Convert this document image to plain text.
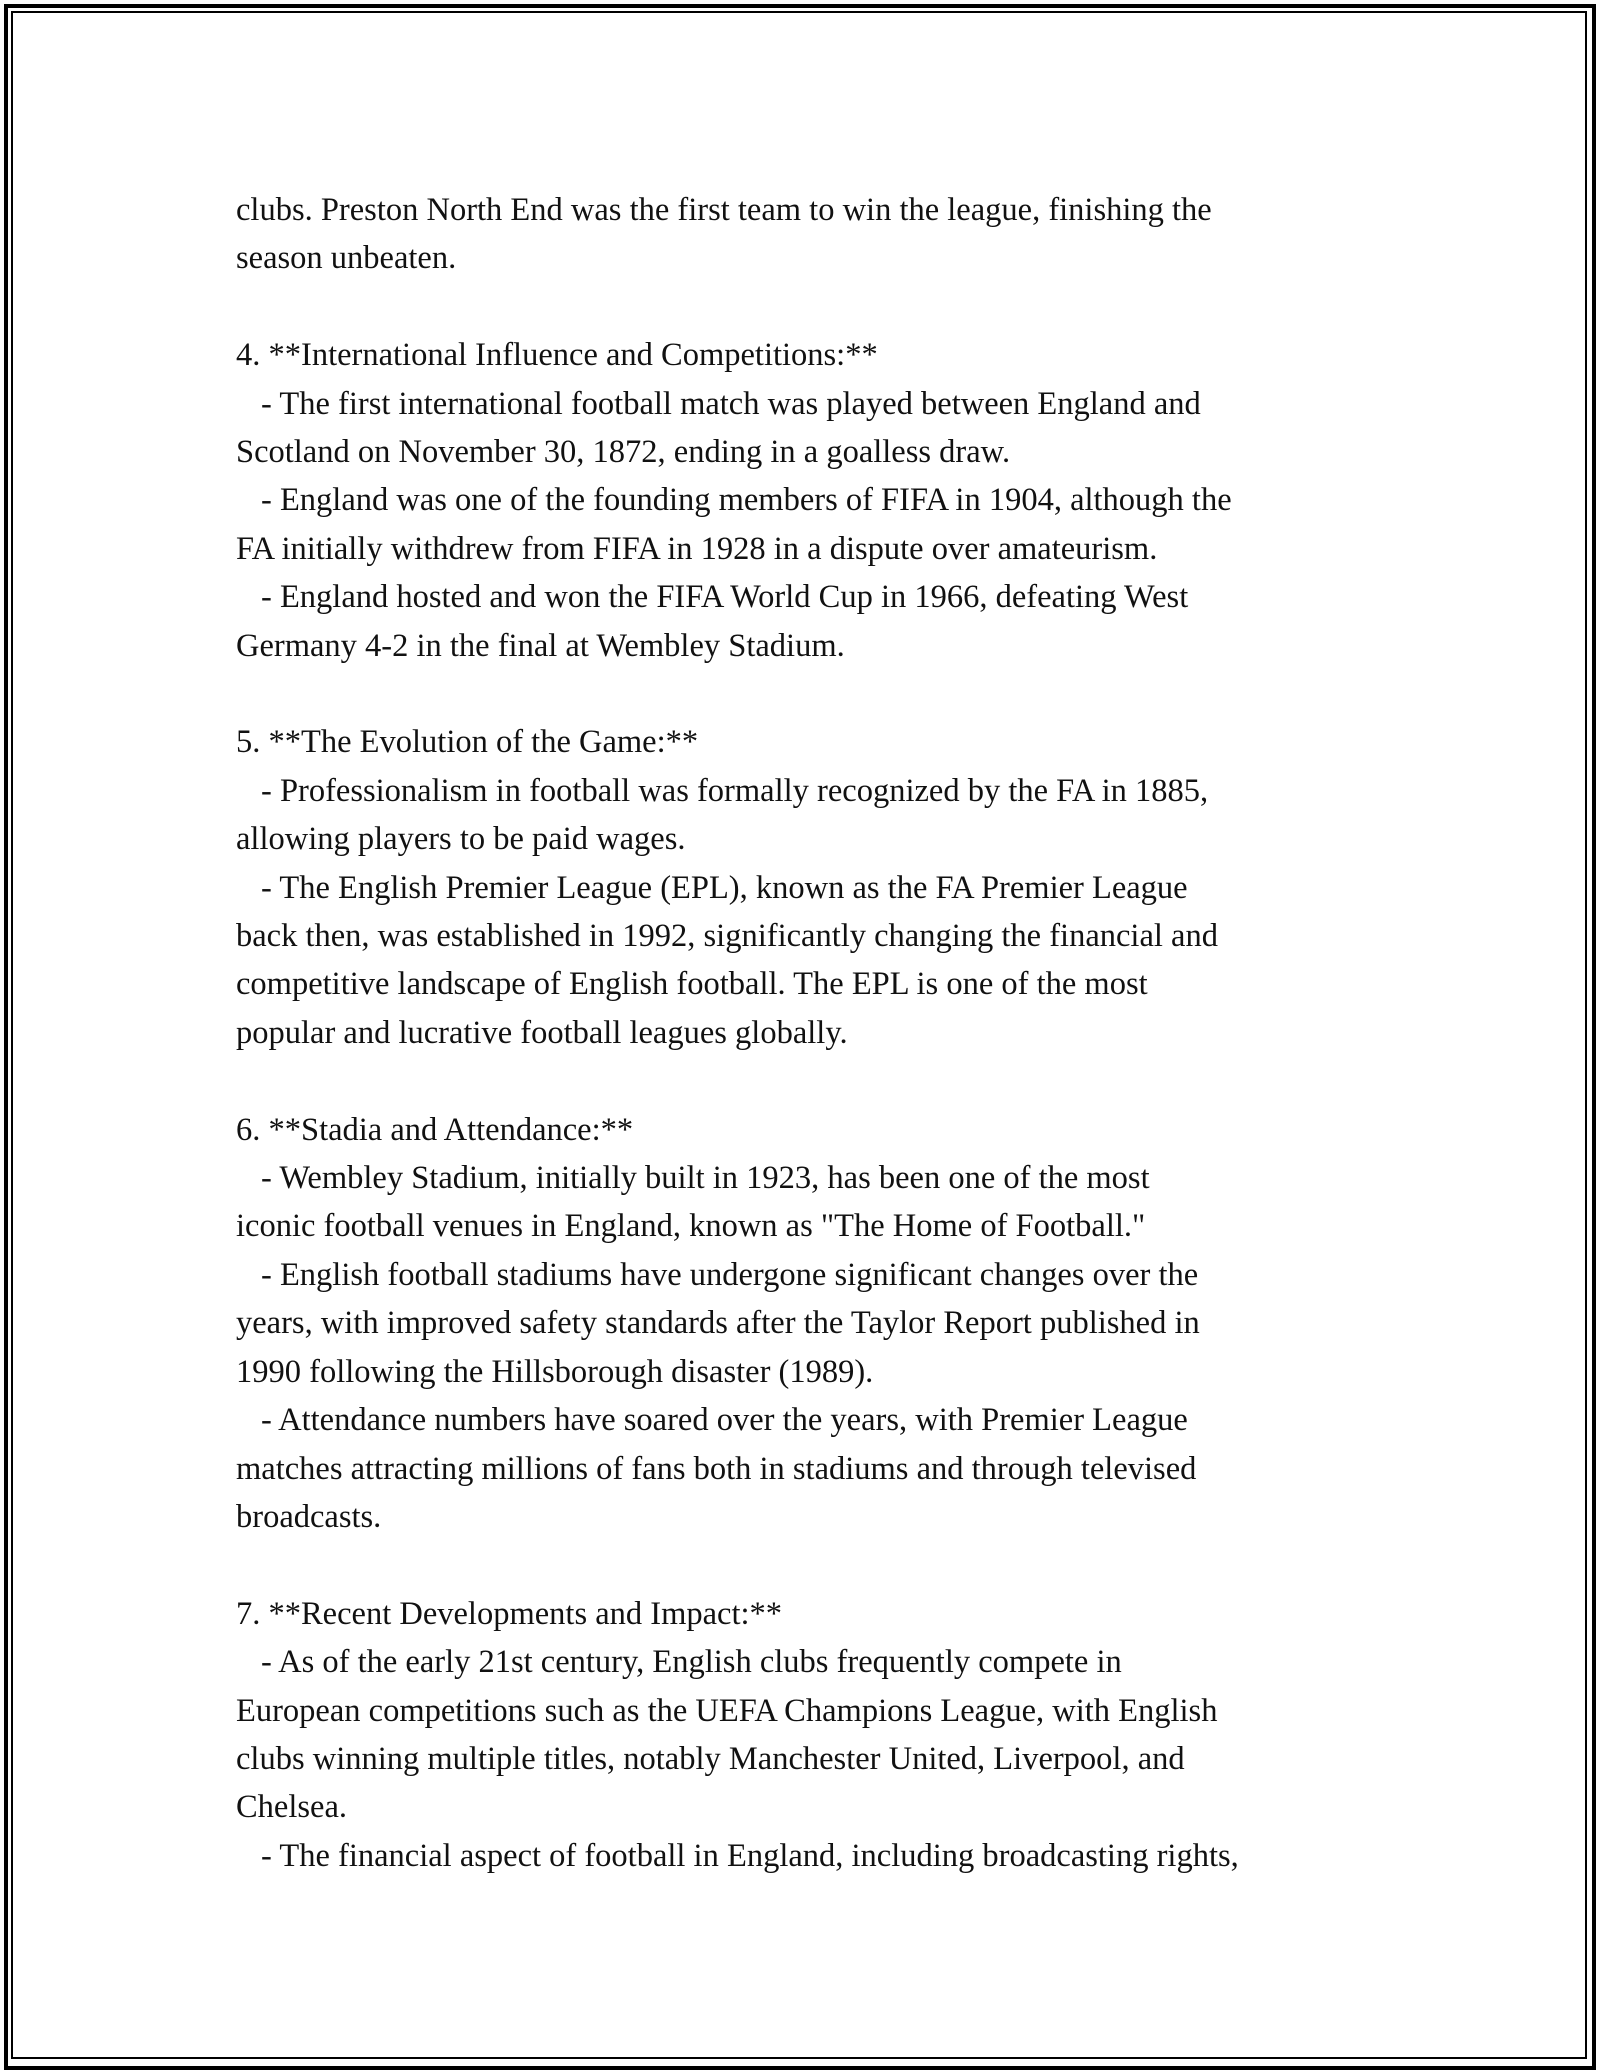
clubs. Preston North End was the first team to win the league, finishing the
season unbeaten.

4. **International Influence and Competitions:**

- The first international football match was played between England and
Scotland on November 30, 1872, ending in a goalless draw.

- England was one of the founding members of FIFA in 1904, although the
FA initially withdrew from FIFA in 1928 in a dispute over amateurism.

- England hosted and won the FIFA World Cup in 1966, defeating West
Germany 4-2 in the final at Wembley Stadium.

5. **The Evolution of the Game:**

- Professionalism in football was formally recognized by the FA in 1885,
allowing players to be paid wages.

- The English Premier League (EPL), known as the FA Premier League
back then, was established in 1992, significantly changing the financial and
competitive landscape of English football. The EPL is one of the most
popular and lucrative football leagues globally.

6. **Stadia and Attendance:**

- Wembley Stadium, initially built in 1923, has been one of the most
iconic football venues in England, known as "The Home of Football."

- English football stadiums have undergone significant changes over the
years, with improved safety standards after the Taylor Report published in
1990 following the Hillsborough disaster (1989).

- Attendance numbers have soared over the years, with Premier League
matches attracting millions of fans both in stadiums and through televised
broadcasts.

7. **Recent Developments and Impact:**

- As of the early 21st century, English clubs frequently compete in
European competitions such as the UEFA Champions League, with English
clubs winning multiple titles, notably Manchester United, Liverpool, and
Chelsea.

- The financial aspect of football in England, including broadcasting rights,
